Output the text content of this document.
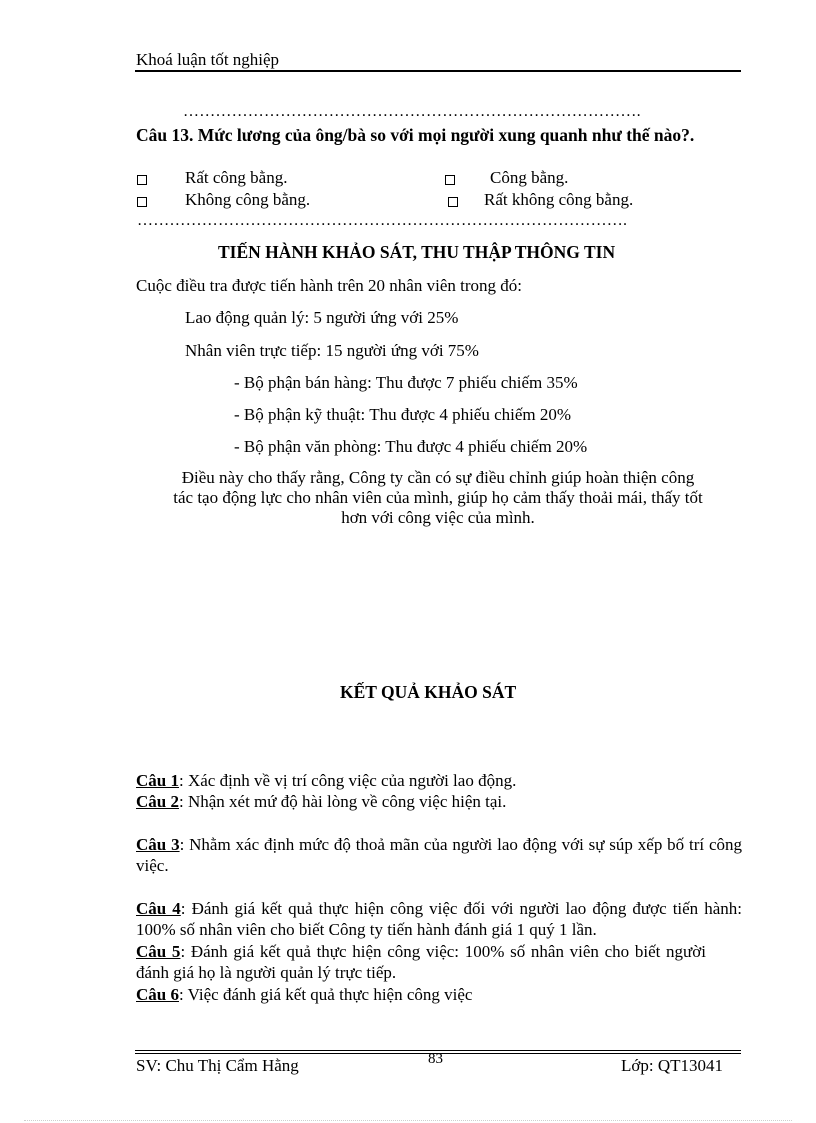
Khoá luận tốt nghiệp
………………………………………………………………………….
Câu 13. Mức lương của ông/bà so với mọi người xung quanh như thế nào?.
Rất công bằng.	Công bằng.
Không công bằng.	Rất không công bằng.
……………………………………………………………………………….
TIẾN HÀNH KHẢO SÁT, THU THẬP THÔNG TIN
Cuộc điều tra được tiến hành trên 20 nhân viên trong đó:
Lao động quản lý: 5 người ứng với 25%
Nhân viên trực tiếp: 15 người ứng với 75%
- Bộ phận bán hàng: Thu được 7 phiếu chiếm 35%
- Bộ phận kỹ thuật: Thu được 4 phiếu chiếm 20%
- Bộ phận văn phòng: Thu được 4 phiếu chiếm 20%
Điều này cho thấy rằng, Công ty cần có sự điều chỉnh giúp hoàn thiện công
tác tạo động lực cho nhân viên của mình, giúp họ cảm thấy thoải mái, thấy tốt
hơn với công việc của mình.
KẾT QUẢ KHẢO SÁT
Câu 1: Xác định về vị trí công việc của người lao động.
Câu 2: Nhận xét mứ độ hài lòng về công việc hiện tại.
Câu 3: Nhằm xác định mức độ thoả mãn của người lao động với sự súp xếp bố trí công việc.
Câu 4: Đánh giá kết quả thực hiện công việc đối với người lao động được tiến hành: 100% số nhân viên cho biết Công ty tiến hành đánh giá 1 quý 1 lần.
Câu 5: Đánh giá kết quả thực hiện công việc: 100% số nhân viên cho biết người đánh giá họ là người quản lý trực tiếp.
Câu 6: Việc đánh giá kết quả thực hiện công việc
SV: Chu Thị Cẩm Hằng	83	Lớp: QT13041
